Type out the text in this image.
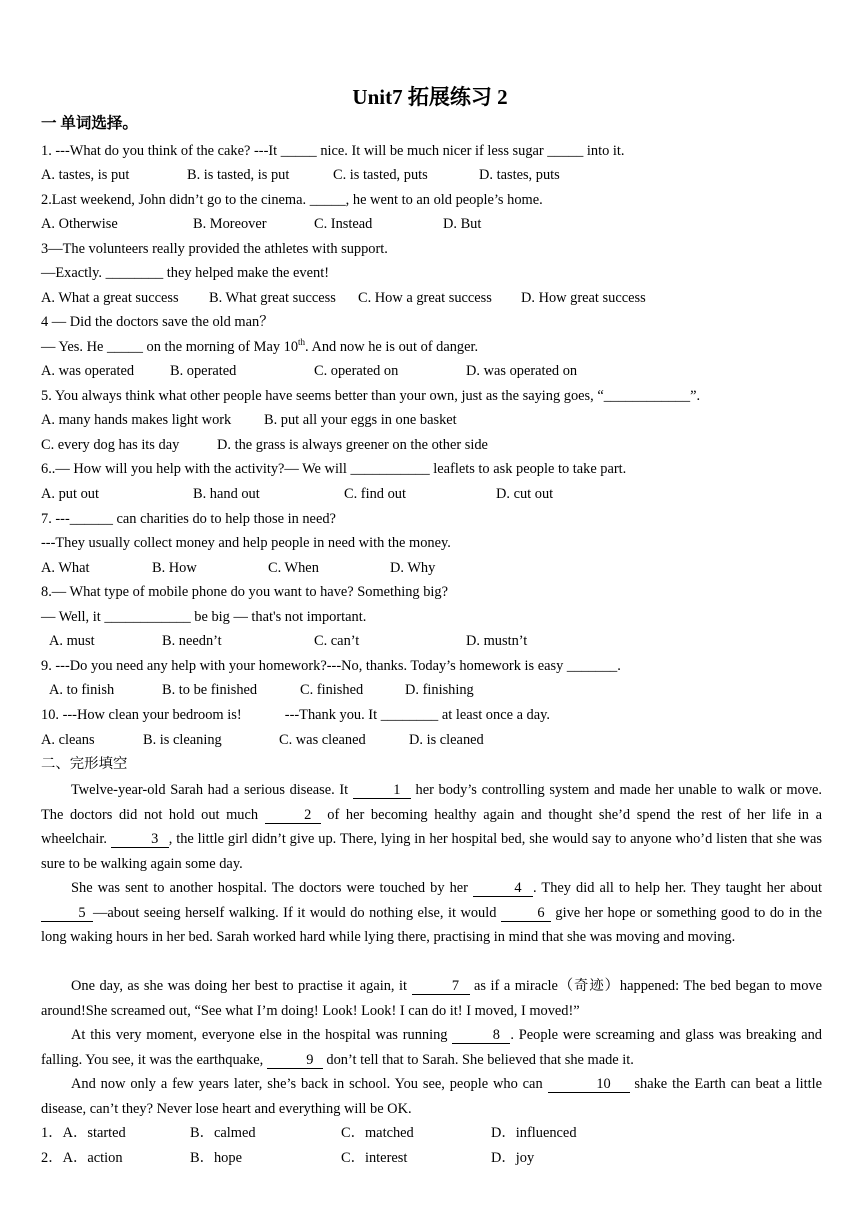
Unit7 拓展练习 2
一 单词选择。
1. ---What do you think of the cake? ---It _____ nice. It will be much nicer if less sugar _____ into it.
A. tastes, is put	B. is tasted, is put	C. is tasted, puts	D. tastes, puts
2.Last weekend, John didn’t go to the cinema. _____, he went to an old people’s home.
A. Otherwise	B. Moreover	C. Instead	D. But
3—The volunteers really provided the athletes with support.
—Exactly. ________ they helped make the event!
A. What a great success B. What great success C. How a great success D. How great success
4 — Did the doctors save the old man？
— Yes. He _____ on the morning of May 10th. And now he is out of danger.
A. was operated B. operated	C. operated on	D. was operated on
5. You always think what other people have seems better than your own, just as the saying goes, “____________”.
A. many hands makes light work B. put all your eggs in one basket
C. every dog has its day	D. the grass is always greener on the other side
6..— How will you help with the activity?— We will ___________ leaflets to ask people to take part.
A. put out	B. hand out	C. find out	D. cut out
7. ---______ can charities do to help those in need?
---They usually collect money and help people in need with the money.
A. What	B. How	C. When	D. Why
8.— What type of mobile phone do you want to have? Something big?
— Well, it ____________ be big — that's not important.
A. must	B. needn’t	C. can’t	D. mustn’t
9. ---Do you need any help with your homework?---No, thanks. Today’s homework is easy _______.
A. to finish	B. to be finished	C. finished	D. finishing
10. ---How clean your bedroom is!            ---Thank you. It ________ at least once a day.
A. cleans	B. is cleaning	C. was cleaned	D. is cleaned
二、完形填空
Twelve-year-old Sarah had a serious disease. It	1 her body’s controlling system and made her unable to walk or move. The doctors did not hold out much	2 of her becoming healthy again and thought she’d spend the rest of her life in a wheelchair.	3 , the little girl didn’t give up. There, lying in her hospital bed, she would say to anyone who’d listen that she was sure to be walking again some day.
She was sent to another hospital. The doctors were touched by her	4 . They did all to help her. They taught her about 5 —about seeing herself walking. If it would do nothing else, it would	6 give her hope or something good to do in the long waking hours in her bed. Sarah worked hard while lying there, practising in mind that she was moving and moving.
One day, as she was doing her best to practise it again, it	7 as if a miracle（奇迹）happened: The bed began to move around!She screamed out, “See what I’m doing! Look! Look! I can do it! I moved, I moved!”
At this very moment, everyone else in the hospital was running	8 . People were screaming and glass was breaking and falling. You see, it was the earthquake,	9 don’t tell that to Sarah. She believed that she made it.
And now only a few years later, she’s back in school. You see, people who can	10 shake the Earth can beat a little disease, can’t they? Never lose heart and everything will be OK.
1．A．started	B．calmed	C．matched	D．influenced
2．A．action	B．hope	C．interest	D．joy
